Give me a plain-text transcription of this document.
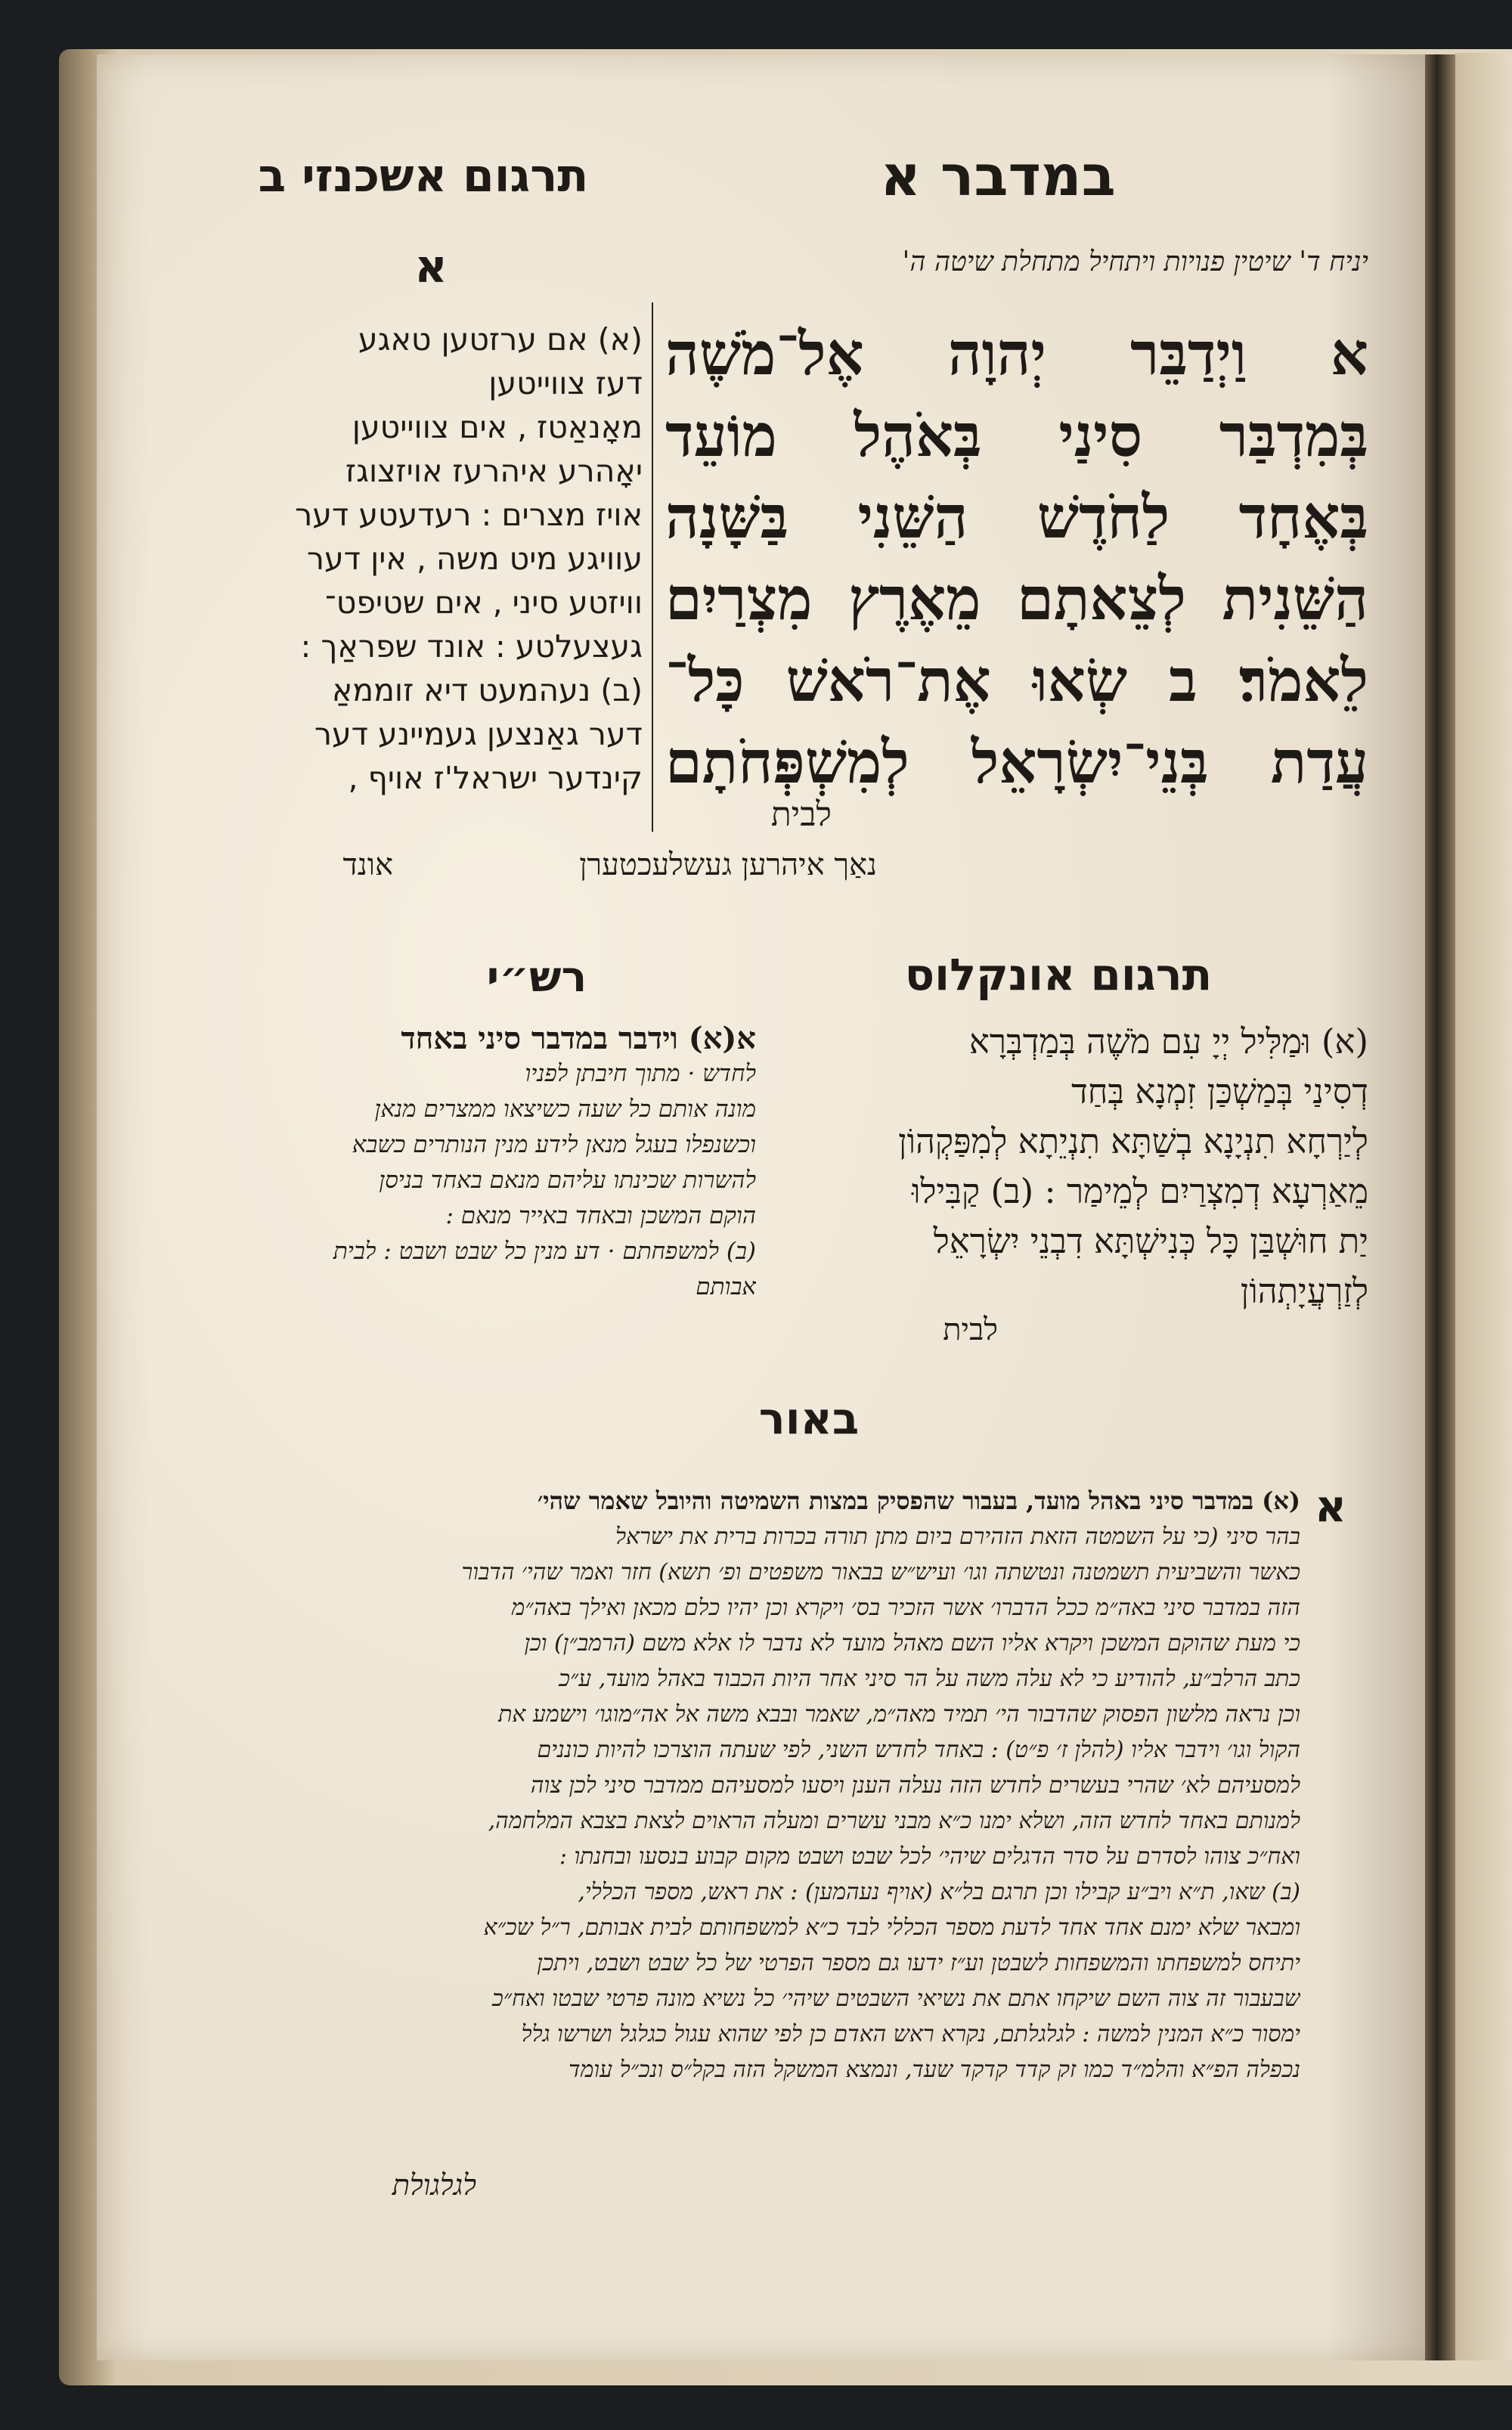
במדבר א
תרגום אשכנזי ב
יניח ד' שיטין פנויות ויתחיל מתחלת שיטה ה'
א
(א) אם ערזטען טאגע
דעז צווייטען
מאָנאַטז , אים צווייטען
יאָהרע איהרעז אויזצוגז
אויז מצרים : רעדעטע דער
עוויגע מיט משה , אין דער
וויזטע סיני , אים שטיפט־
געצעלטע : אונד שפראַך :
(ב) נעהמעט דיא זוממאַ
דער גאַנצען געמיינע דער
קינדער ישראל'ז אויף ,
נאַך איהרען געשלעכטערן
אונד
א וַיְדַבֵּר יְהוָה אֶל־מֹשֶׁה
בְּמִדְבַּר סִינַי בְּאֹהֶל מוֹעֵד
בְּאֶחָד לַחֹדֶשׁ הַשֵּׁנִי בַּשָּׁנָה
הַשֵּׁנִית לְצֵאתָם מֵאֶרֶץ מִצְרַיִם
לֵאמֹר׃ ב שְׂאוּ אֶת־רֹאשׁ כָּל־
עֲדַת בְּנֵי־יִשְׂרָאֵל לְמִשְׁפְּחֹתָם
לבית
תרגום אונקלוס
(א) וּמַלִּיל יְיָ עִם מֹשֶׁה בְּמַדְבְּרָא
דְסִינַי בְּמַשְׁכַּן זִמְנָא בְּחַד
לְיַרְחָא תִנְיָנָא בְשַׁתָּא תִנְיֵתָא לְמִפַּקְהוֹן
מֵאַרְעָא דְמִצְרַיִם לְמֵימַר : (ב) קַבִּילוּ
יַת חוּשְׁבַּן כָּל כְּנִישְׁתָּא דִבְנֵי יִשְׂרָאֵל
לְזַרְעֲיָתְהוֹן
לבית
רש״י
א(א) וידבר במדבר סיני באחד
לחדש · מתוך חיבתן לפניו
מונה אותם כל שעה כשיצאו ממצרים מנאן
וכשנפלו בעגל מנאן לידע מנין הנותרים כשבא
להשרות שכינתו עליהם מנאם באחד בניסן
הוקם המשכן ובאחד באייר מנאם :
(ב) למשפחתם · דע מנין כל שבט ושבט : לבית
אבותם
באור
א
(א) במדבר סיני באהל מועד, בעבור שהפסיק במצות השמיטה והיובל שאמר שהי׳
בהר סיני (כי על השמטה הזאת הזהירם ביום מתן תורה בכרות ברית את ישראל
כאשר והשביעית תשמטנה ונטשתה וגו׳ ועיש״ש בבאור משפטים ופ׳ תשא) חזר ואמר שהי׳ הדבור
הזה במדבר סיני באה״מ ככל הדברו׳ אשר הזכיר בס׳ ויקרא וכן יהיו כלם מכאן ואילך באה״מ
כי מעת שהוקם המשכן ויקרא אליו השם מאהל מועד לא נדבר לו אלא משם (הרמב״ן) וכן
כתב הרלב״ע, להודיע כי לא עלה משה על הר סיני אחר היות הכבוד באהל מועד, ע״כ
וכן נראה מלשון הפסוק שהדבור הי׳ תמיד מאה״מ, שאמר ובבא משה אל אה״מוגו׳ וישמע את
הקול וגו׳ וידבר אליו (להלן ז׳ פ״ט) : באחד לחדש השני, לפי שעתה הוצרכו להיות כוננים
למסעיהם לא׳ שהרי בעשרים לחדש הזה נעלה הענן ויסעו למסעיהם ממדבר סיני לכן צוה
למנותם באחד לחדש הזה, ושלא ימנו כ״א מבני עשרים ומעלה הראוים לצאת בצבא המלחמה,
ואח״כ צוהו לסדרם על סדר הדגלים שיהי׳ לכל שבט ושבט מקום קבוע בנסעו ובחנתו :
(ב) שאו, ת״א ויב״ע קבילו וכן תרגם בל״א (אויף נעהמען) : את ראש, מספר הכללי,
ומבאר שלא ימנם אחד אחד לדעת מספר הכללי לבד כ״א למשפחותם לבית אבותם, ר״ל שכ״א
יתיחס למשפחתו והמשפחות לשבטן וע״ז ידעו גם מספר הפרטי של כל שבט ושבט, ויתכן
שבעבור זה צוה השם שיקחו אתם את נשיאי השבטים שיהי׳ כל נשיא מונה פרטי שבטו ואח״כ
ימסור כ״א המנין למשה : לגלגלתם, נקרא ראש האדם כן לפי שהוא עגול כגלגל ושרשו גלל
נכפלה הפ״א והלמ״ד כמו זק קדד קדקד שעד, ונמצא המשקל הזה בקל״ס ונכ״ל עומד
לגלגולת
